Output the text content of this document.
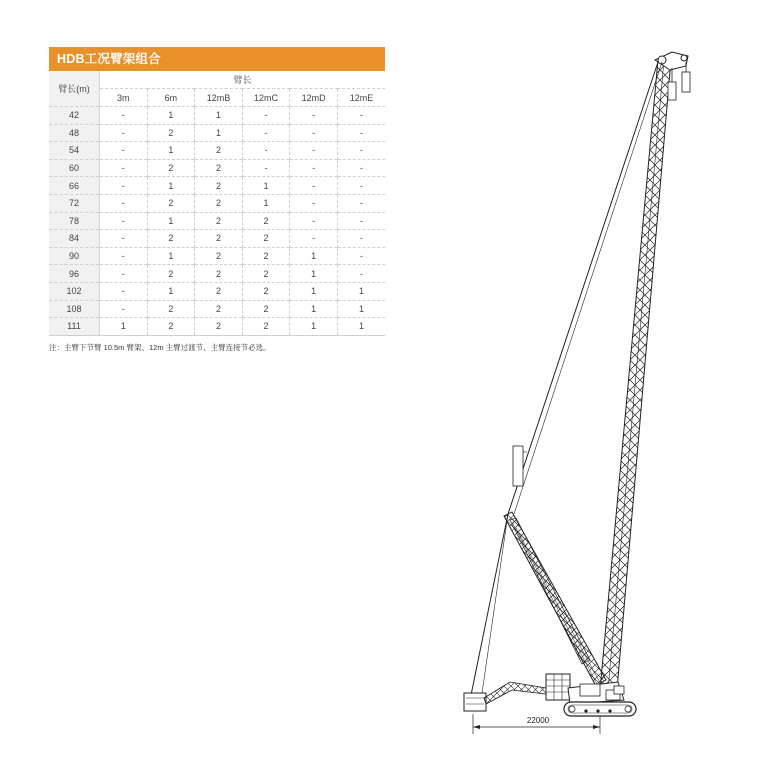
HDB工况臂架组合
臂长(m)	臂长					
	3m	6m	12mB	12mC	12mD	12mE
42	-	1	1	-	-	-
48	-	2	1	-	-	-
54	-	1	2	-	-	-
60	-	2	2	-	-	-
66	-	1	2	1	-	-
72	-	2	2	1	-	-
78	-	1	2	2	-	-
84	-	2	2	2	-	-
90	-	1	2	2	1	-
96	-	2	2	2	1	-
102	-	1	2	2	1	1
108	-	2	2	2	1	1
111	1	2	2	2	1	1
注：主臂下节臂 10.5m 臂架、12m 主臂过渡节、主臂连接节必选。
22000
